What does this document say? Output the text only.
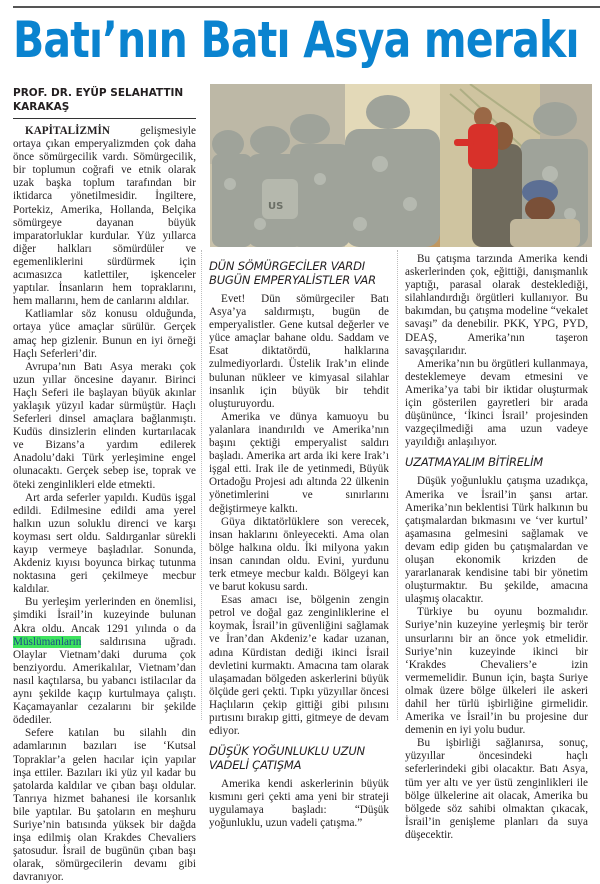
Batı’nın Batı Asya merakı
US
PROF. DR. EYÜP SELAHATTIN KARAKAŞ

KAPİTALİZMİN gelişmesiyle ortaya çıkan emperyalizmden çok daha önce sömürgecilik vardı. Sömürgecilik, bir toplumun coğrafi ve etnik olarak uzak başka toplum tarafından bir iktidarca yönetilmesidir. İngiltere, Portekiz, Amerika, Hollanda, Belçika sömürgeye dayanan büyük imparatorluklar kurdular. Yüz yıllarca diğer halkları sömürdüler ve egemenliklerini sürdürmek için acımasızca katlettiler, işkenceler yaptılar. İnsanların hem topraklarını, hem mallarını, hem de canlarını aldılar.

Katliamlar söz konusu olduğunda, ortaya yüce amaçlar sürülür. Gerçek amaç hep gizlenir. Bunun en iyi örneği Haçlı Seferleri’dir.

Avrupa’nın Batı Asya merakı çok uzun yıllar öncesine dayanır. Birinci Haçlı Seferi ile başlayan büyük akınlar yaklaşık yüzyıl kadar sürmüştür. Haçlı Seferleri dinsel amaçlara bağlanmıştı. Kudüs dinsizlerin elinden kurtarılacak ve Bizans’a yardım edilerek Anadolu’daki Türk yerleşimine engel olunacaktı. Gerçek sebep ise, toprak ve öteki zenginlikleri elde etmekti.

Art arda seferler yapıldı. Kudüs işgal edildi. Edilmesine edildi ama yerel halkın uzun soluklu direnci ve karşı koyması sert oldu. Saldırganlar sürekli kayıp vermeye başladılar. Sonunda, Akdeniz kıyısı boyunca birkaç tutunma noktasına geri çekilmeye mecbur kaldılar.

Bu yerleşim yerlerinden en önemlisi, şimdiki İsrail’in kuzeyinde bulunan Akra oldu. Ancak 1291 yılında o da Müslümanların saldırısına uğradı. Olaylar Vietnam’daki duruma çok benziyordu. Amerikalılar, Vietnam’dan nasıl kaçtılarsa, bu yabancı istilacılar da aynı şekilde kaçıp kurtulmaya çalıştı. Kaçamayanlar cezalarını bir şekilde ödediler.

Sefere katılan bu silahlı din adamlarının bazıları ise ‘Kutsal Topraklar’a gelen hacılar için yapılar inşa ettiler. Bazıları iki yüz yıl kadar bu şatolarda kaldılar ve çıban başı oldular. Tanrıya hizmet bahanesi ile korsanlık bile yaptılar. Bu şatoların en meşhuru Suriye’nin batısında yüksek bir dağda inşa edilmiş olan Krakdes Chevaliers şatosudur. İsrail de bugünün çıban başı olarak, sömürgecilerin devamı gibi davranıyor.

DÜN SÖMÜRGECİLER VARDI BUGÜN EMPERYALİSTLER VAR

Evet! Dün sömürgeciler Batı Asya’ya saldırmıştı, bugün de emperyalistler. Gene kutsal değerler ve yüce amaçlar bahane oldu. Saddam ve Esat diktatördü, halklarına zulmediyorlardı. Üstelik Irak’ın elinde bulunan nükleer ve kimyasal silahlar insanlık için büyük bir tehdit oluşturuyordu.

Amerika ve dünya kamuoyu bu yalanlara inandırıldı ve Amerika’nın başını çektiği emperyalist saldırı başladı. Amerika art arda iki kere Irak’ı işgal etti. Irak ile de yetinmedi, Büyük Ortadoğu Projesi adı altında 22 ülkenin yönetimlerini ve sınırlarını değiştirmeye kalktı.

Güya diktatörlüklere son verecek, insan haklarını önleyecekti. Ama olan bölge halkına oldu. İki milyona yakın insan canından oldu. Evini, yurdunu terk etmeye mecbur kaldı. Bölgeyi kan ve barut kokusu sardı.

Esas amacı ise, bölgenin zengin petrol ve doğal gaz zenginliklerine el koymak, İsrail’in güvenliğini sağlamak ve İran’dan Akdeniz’e kadar uzanan, adına Kürdistan dediği ikinci İsrail devletini kurmaktı. Amacına tam olarak ulaşamadan bölgeden askerlerini büyük ölçüde geri çekti. Tıpkı yüzyıllar öncesi Haçlıların çekip gittiği gibi pılısını pırtısını bırakıp gitti, gitmeye de devam ediyor.

DÜŞÜK YOĞUNLUKLU UZUN VADELİ ÇATIŞMA

Amerika kendi askerlerinin büyük kısmını geri çekti ama yeni bir strateji uygulamaya başladı: “Düşük yoğunluklu, uzun vadeli çatışma.”

Bu çatışma tarzında Amerika kendi askerlerinden çok, eğittiği, danışmanlık yaptığı, parasal olarak desteklediği, silahlandırdığı örgütleri kullanıyor. Bu bakımdan, bu çatışma modeline “vekalet savaşı” da denebilir. PKK, YPG, PYD, DEAŞ, Amerika’nın taşeron savaşçılarıdır.

Amerika’nın bu örgütleri kullanmaya, desteklemeye devam etmesini ve Amerika’ya tabi bir iktidar oluşturmak için gösterilen gayretleri bir arada düşününce, ‘İkinci İsrail’ projesinden vazgeçilmediği ama uzun vadeye yayıldığı anlaşılıyor.

UZATMAYALIM BİTİRELİM

Düşük yoğunluklu çatışma uzadıkça, Amerika ve İsrail’in şansı artar. Amerika’nın beklentisi Türk halkının bu çatışmalardan bıkmasını ve ‘ver kurtul’ aşamasına gelmesini sağlamak ve devam edip giden bu çatışmalardan ve oluşan ekonomik krizden de yararlanarak kendisine tabi bir yönetim oluşturmaktır. Bu şekilde, amacına ulaşmış olacaktır.

Türkiye bu oyunu bozmalıdır. Suriye’nin kuzeyine yerleşmiş bir terör unsurlarını bir an önce yok etmelidir. Suriye’nin kuzeyinde ikinci bir ‘Krakdes Chevaliers’e izin vermemelidir. Bunun için, başta Suriye olmak üzere bölge ülkeleri ile askeri dahil her türlü işbirliğine girmelidir. Amerika ve İsrail’in bu projesine dur demenin en iyi yolu budur.

Bu işbirliği sağlanırsa, sonuç, yüzyıllar öncesindeki haçlı seferlerindeki gibi olacaktır. Batı Asya, tüm yer altı ve yer üstü zenginlikleri ile bölge ülkelerine ait olacak, Amerika bu bölgede söz sahibi olmaktan çıkacak, İsrail’in genişleme planları da suya düşecektir.
